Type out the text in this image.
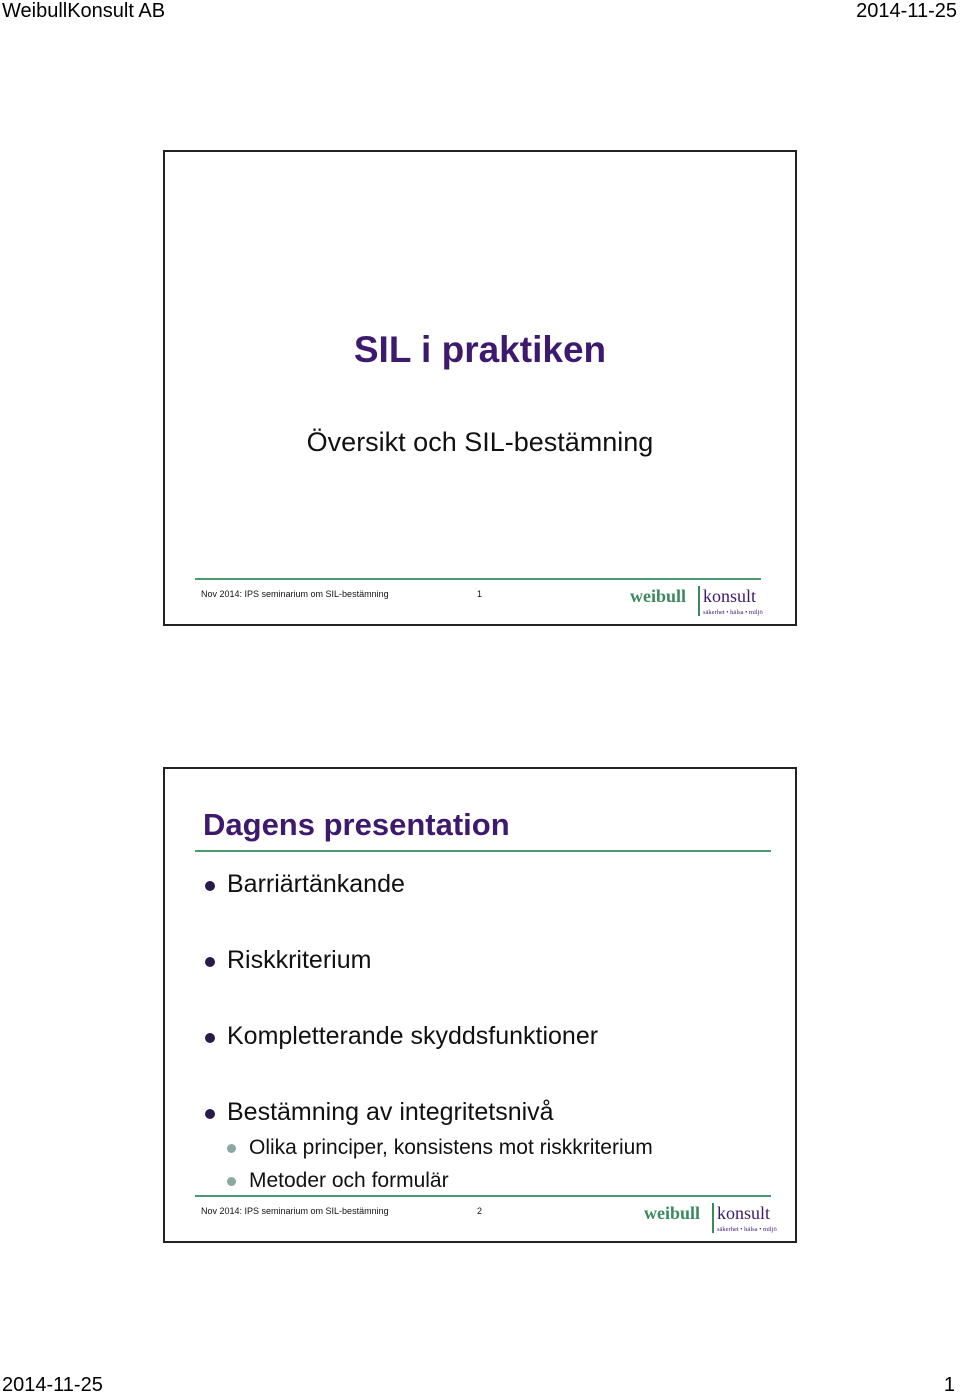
WeibullKonsult AB	2014-11-25
SIL i praktiken
Översikt och SIL-bestämning
Nov 2014: IPS seminarium om SIL-bestämning	1	weibull konsult
säkerhet • hälsa • miljö
Dagens presentation
Barriärtänkande
Riskkriterium
Kompletterande skyddsfunktioner
Bestämning av integritetsnivå
Olika principer, konsistens mot riskkriterium
Metoder och formulär
Nov 2014: IPS seminarium om SIL-bestämning	2	weibull konsult
säkerhet • hälsa • miljö
2014-11-25	1
